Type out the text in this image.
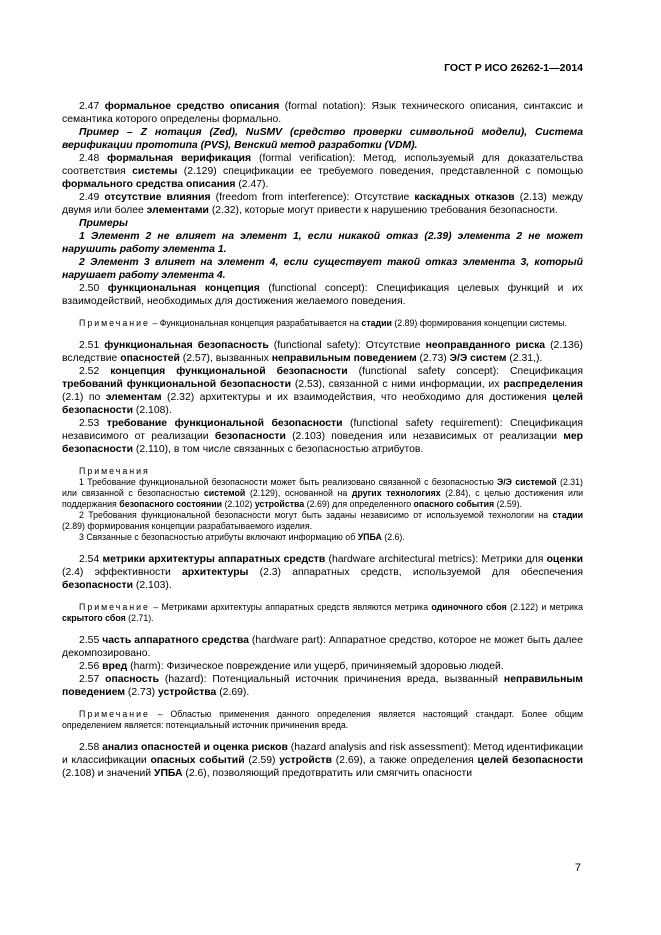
ГОСТ Р ИСО 26262-1—2014

2.47 формальное средство описания (formal notation): Язык технического описания, синтаксис и семантика которого определены формально.

Пример – Z нотация (Zed), NuSMV (средство проверки символьной модели), Система верификации прототипа (PVS), Венский метод разработки (VDM).

2.48 формальная верификация (formal verification): Метод, используемый для доказательства соответствия системы (2.129) спецификации ее требуемого поведения, представленной с помощью формального средства описания (2.47).

2.49 отсутствие влияния (freedom from interference): Отсутствие каскадных отказов (2.13) между двумя или более элементами (2.32), которые могут привести к нарушению требования безопасности.

Примеры

1 Элемент 2 не влияет на элемент 1, если никакой отказ (2.39) элемента 2 не может нарушить работу элемента 1.

2 Элемент 3 влияет на элемент 4, если существует такой отказ элемента 3, который нарушает работу элемента 4.

2.50 функциональная концепция (functional concept): Спецификация целевых функций и их взаимодействий, необходимых для достижения желаемого поведения.

Примечание – Функциональная концепция разрабатывается на стадии (2.89) формирования концепции системы.

2.51 функциональная безопасность (functional safety): Отсутствие неоправданного риска (2.136) вследствие опасностей (2.57), вызванных неправильным поведением (2.73) Э/Э систем (2.31,).

2.52 концепция функциональной безопасности (functional safety concept): Спецификация требований функциональной безопасности (2.53), связанной с ними информации, их распределения (2.1) по элементам (2.32) архитектуры и их взаимодействия, что необходимо для достижения целей безопасности (2.108).

2.53 требование функциональной безопасности (functional safety requirement): Спецификация независимого от реализации безопасности (2.103) поведения или независимых от реализации мер безопасности (2.110), в том числе связанных с безопасностью атрибутов.

Примечания

1 Требование функциональной безопасности может быть реализовано связанной с безопасностью Э/Э системой (2.31) или связанной с безопасностью системой (2.129), основанной на других технологиях (2.84), с целью достижения или поддержания безопасного состоянии (2.102) устройства (2.69) для определенного опасного события (2.59).

2 Требования функциональной безопасности могут быть заданы независимо от используемой технологии на стадии (2.89) формирования концепции разрабатываемого изделия.

3 Связанные с безопасностью атрибуты включают информацию об УПБА (2.6).

2.54 метрики архитектуры аппаратных средств (hardware architectural metrics): Метрики для оценки (2.4) эффективности архитектуры (2.3) аппаратных средств, используемой для обеспечения безопасности (2.103).

Примечание – Метриками архитектуры аппаратных средств являются метрика одиночного сбоя (2.122) и метрика скрытого сбоя (2.71).

2.55 часть аппаратного средства (hardware part): Аппаратное средство, которое не может быть далее декомпозировано.

2.56 вред (harm): Физическое повреждение или ущерб, причиняемый здоровью людей.

2.57 опасность (hazard): Потенциальный источник причинения вреда, вызванный неправильным поведением (2.73) устройства (2.69).

Примечание – Областью применения данного определения является настоящий стандарт. Более общим определением является: потенциальный источник причинения вреда.

2.58 анализ опасностей и оценка рисков (hazard analysis and risk assessment): Метод идентификации и классификации опасных событий (2.59) устройств (2.69), а также определения целей безопасности (2.108) и значений УПБА (2.6), позволяющий предотвратить или смягчить опасности

7
